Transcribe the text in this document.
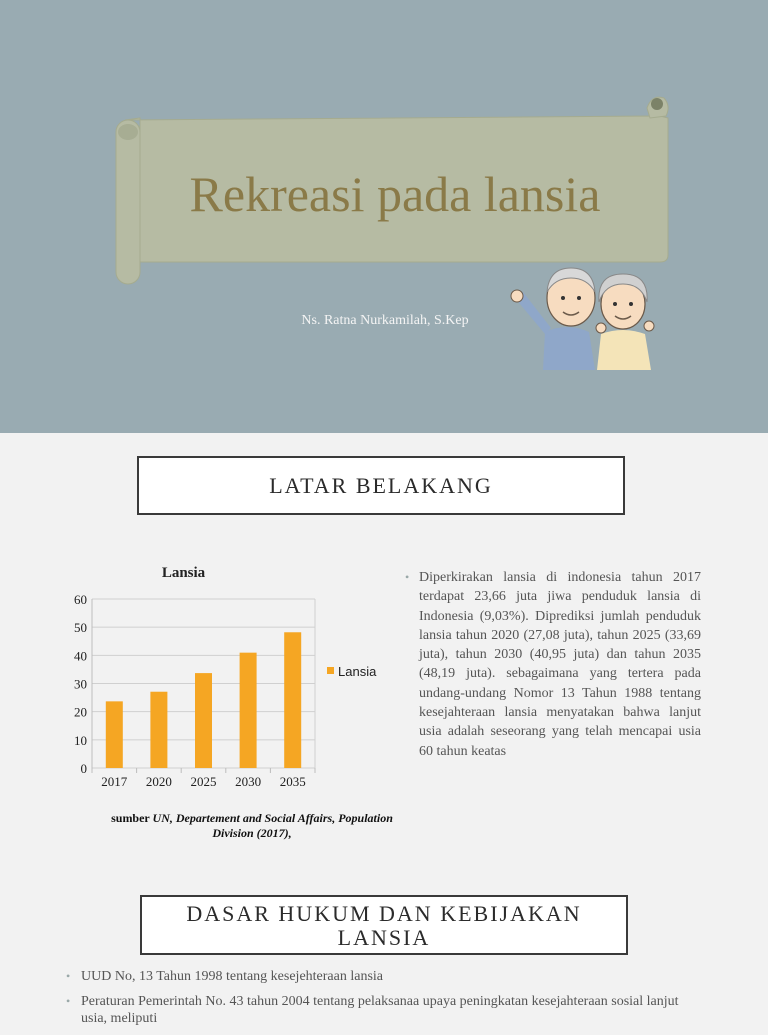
Rekreasi pada lansia
Ns. Ratna Nurkamilah, S.Kep
LATAR BELAKANG
Lansia
0
10
20
30
40
50
60
2017 2020 2025 2030 2035
Lansia
sumber UN, Departement and Social Affairs, Population Division (2017),
• Diperkirakan lansia di indonesia tahun 2017 terdapat 23,66 juta jiwa penduduk lansia di Indonesia (9,03%). Diprediksi jumlah penduduk lansia tahun 2020 (27,08 juta), tahun 2025 (33,69 juta), tahun 2030 (40,95 juta) dan tahun 2035 (48,19 juta). sebagaimana yang tertera pada undang-undang Nomor 13 Tahun 1988 tentang kesejahteraan lansia menyatakan bahwa lanjut usia adalah seseorang yang telah mencapai usia 60 tahun keatas
DASAR HUKUM DAN KEBIJAKAN LANSIA
• UUD No, 13 Tahun 1998 tentang kesejehteraan lansia
• Peraturan Pemerintah No. 43 tahun 2004 tentang pelaksanaa upaya peningkatan kesejahteraan sosial lanjut usia, meliputi
